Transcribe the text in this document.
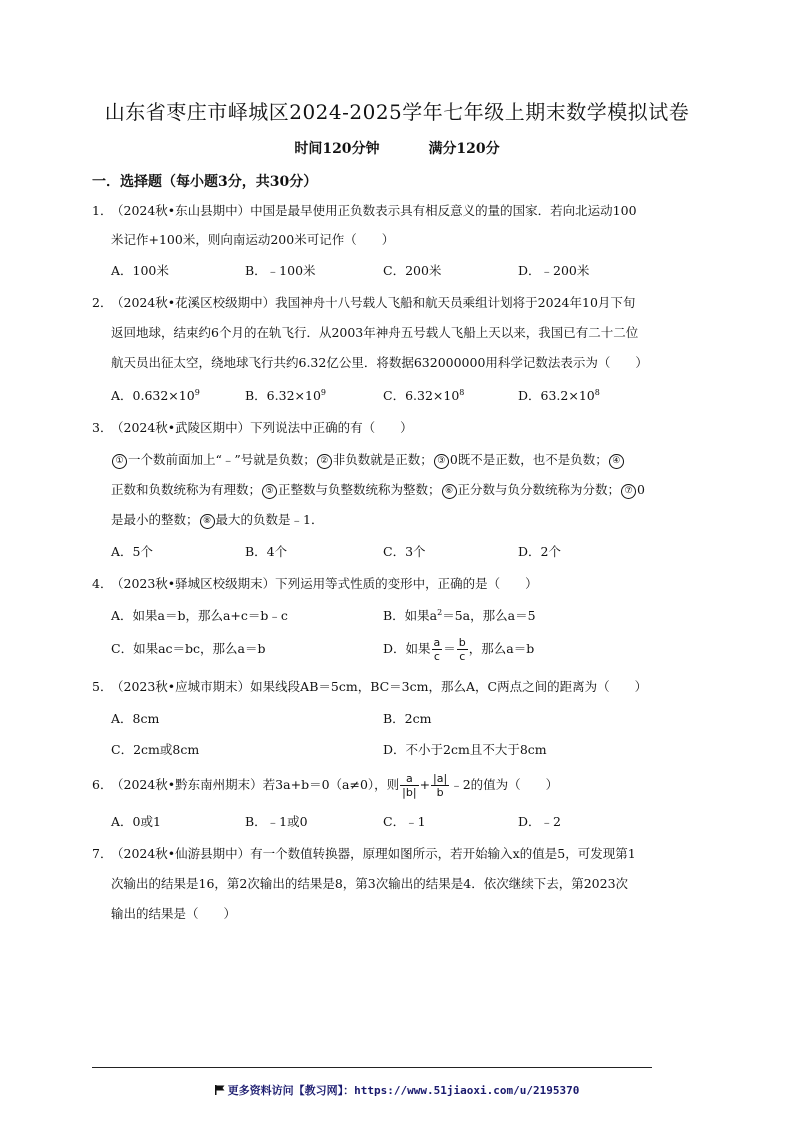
山东省枣庄市峄城区2024-2025学年七年级上期末数学模拟试卷
时间120分钟	满分120分
一．选择题（每小题3分，共30分）
1．
（2024秋•东山县期中）中国是最早使用正负数表示具有相反意义的量的国家．若向北运动100
米记作+100米，则向南运动200米可记作（　　）
A．100米	B．﹣100米	C．200米	D．﹣200米
2．
（2024秋•花溪区校级期中）我国神舟十八号载人飞船和航天员乘组计划将于2024年10月下旬
返回地球，结束约6个月的在轨飞行．从2003年神舟五号载人飞船上天以来，我国已有二十二位
航天员出征太空，绕地球飞行共约6.32亿公里．将数据632000000用科学记数法表示为（　　）
A．$0.632\times 10^9$	B．$6.32\times 10^9$	C．$6.32\times 10^8$	D．$63.2\times 10^8$
3．
（2024秋•武陵区期中）下列说法中正确的有（　　）
① 一个数前面加上“﹣”号就是负数； ② 非负数就是正数； ③ 0既不是正数，也不是负数； ④
正数和负数统称为有理数； ⑤ 正整数与负整数统称为整数； ⑥ 正分数与负分数统称为分数； ⑦ 0
是最小的整数； ⑧ 最大的负数是﹣1．
A．5个	B．4个	C．3个	D．2个
4．
（2023秋•驿城区校级期末）下列运用等式性质的变形中，正确的是（　　）
A．如果a＝b，那么a+c＝b﹣c	B．如果$a^2=5a$，那么a＝5
C．如果ac＝bc，那么a＝b	D．如果 $\frac{a}{c} = \frac{b}{c}$ ，那么a＝b
5．
（2023秋•应城市期末）如果线段AB＝5cm，BC＝3cm，那么A，C两点之间的距离为（　　）
A．8cm	B．2cm
C．2cm或8cm	D．不小于2cm且不大于8cm
6．
（2024秋•黔东南州期末）若3a+b＝0（a≠0），则 $\frac{a}{|b|} + \frac{|a|}{b}$ ﹣2的值为（　　）
A．0或1	B．﹣1或0	C．﹣1	D．﹣2
7．
（2024秋•仙游县期中）有一个数值转换器，原理如图所示，若开始输入x的值是5，可发现第1
次输出的结果是16，第2次输出的结果是8，第3次输出的结果是4．依次继续下去，第2023次
输出的结果是（　　）
更多资料访问【教习网】：https://www.51jiaoxi.com/u/2195370
